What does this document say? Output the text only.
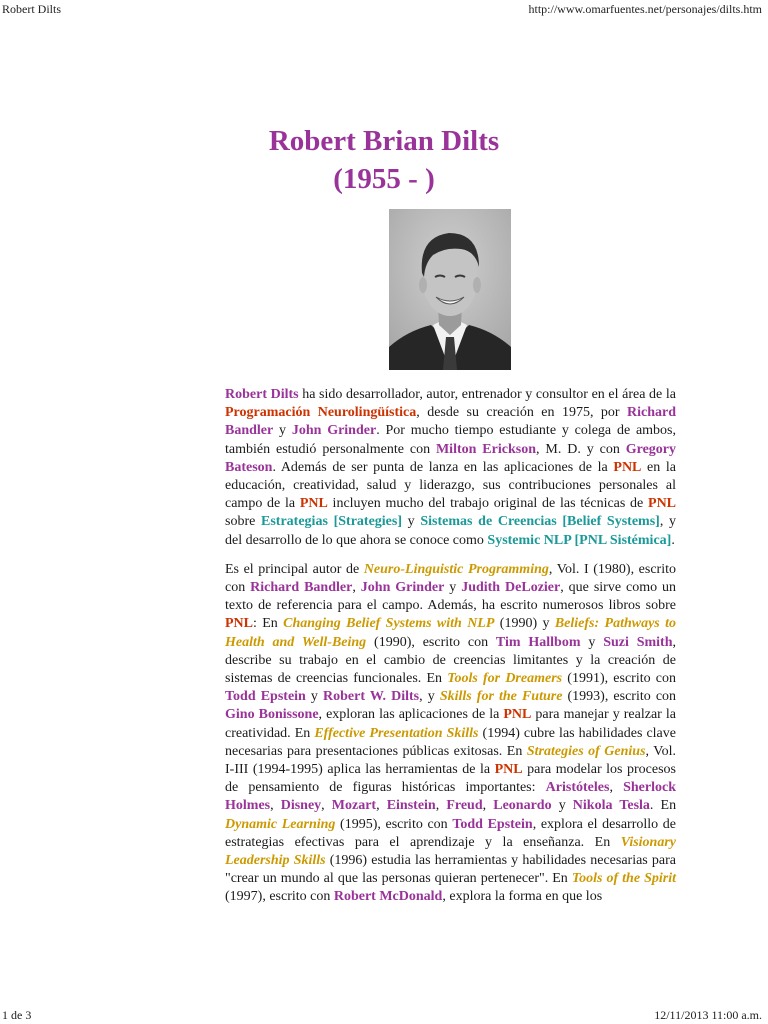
Robert Dilts	http://www.omarfuentes.net/personajes/dilts.htm
Robert Brian Dilts
(1955 - )

Robert Dilts ha sido desarrollador, autor, entrenador y consultor en el área de la Programación Neurolingüística, desde su creación en 1975, por Richard Bandler y John Grinder. Por mucho tiempo estudiante y colega de ambos, también estudió personalmente con Milton Erickson, M. D. y con Gregory Bateson. Además de ser punta de lanza en las aplicaciones de la PNL en la educación, creatividad, salud y liderazgo, sus contribuciones personales al campo de la PNL incluyen mucho del trabajo original de las técnicas de PNL sobre Estrategias [Strategies] y Sistemas de Creencias [Belief Systems], y del desarrollo de lo que ahora se conoce como Systemic NLP [PNL Sistémica].

Es el principal autor de Neuro-Linguistic Programming, Vol. I (1980), escrito con Richard Bandler, John Grinder y Judith DeLozier, que sirve como un texto de referencia para el campo. Además, ha escrito numerosos libros sobre PNL: En Changing Belief Systems with NLP (1990) y Beliefs: Pathways to Health and Well-Being (1990), escrito con Tim Hallbom y Suzi Smith, describe su trabajo en el cambio de creencias limitantes y la creación de sistemas de creencias funcionales. En Tools for Dreamers (1991), escrito con Todd Epstein y Robert W. Dilts, y Skills for the Future (1993), escrito con Gino Bonissone, exploran las aplicaciones de la PNL para manejar y realzar la creatividad. En Effective Presentation Skills (1994) cubre las habilidades clave necesarias para presentaciones públicas exitosas. En Strategies of Genius, Vol. I-III (1994-1995) aplica las herramientas de la PNL para modelar los procesos de pensamiento de figuras históricas importantes: Aristóteles, Sherlock Holmes, Disney, Mozart, Einstein, Freud, Leonardo y Nikola Tesla. En Dynamic Learning (1995), escrito con Todd Epstein, explora el desarrollo de estrategias efectivas para el aprendizaje y la enseñanza. En Visionary Leadership Skills (1996) estudia las herramientas y habilidades necesarias para "crear un mundo al que las personas quieran pertenecer". En Tools of the Spirit (1997), escrito con Robert McDonald, explora la forma en que los

1 de 3	12/11/2013 11:00 a.m.
